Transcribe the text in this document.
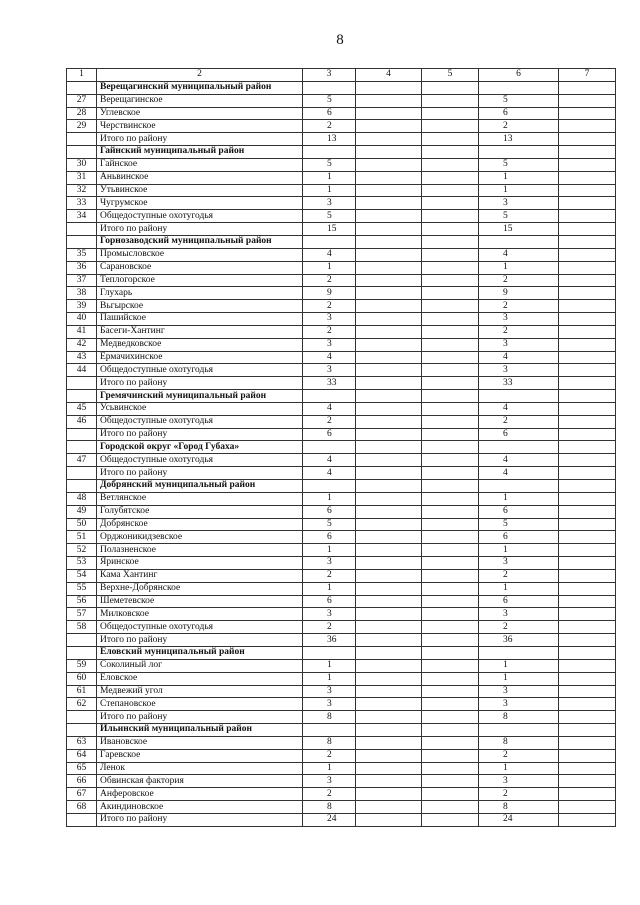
8
1	2	3	4	5	6	7
	Верещагинский муниципальный район					
27	Верещагинское	5			5	
28	Углевское	6			6	
29	Черствинское	2			2	
	Итого по району	13			13	
	Гайнский муниципальный район					
30	Гайнское	5			5	
31	Аньвинское	1			1	
32	Утьвинское	1			1	
33	Чугрумское	3			3	
34	Общедоступные охотугодья	5			5	
	Итого по району	15			15	
	Горнозаводский муниципальный район					
35	Промысловское	4			4	
36	Сарановское	1			1	
37	Теплогорское	2			2	
38	Глухарь	9			9	
39	Вьгырское	2			2	
40	Пашийское	3			3	
41	Басеги-Хантинг	2			2	
42	Медведковское	3			3	
43	Ермачихинское	4			4	
44	Общедоступные охотугодья	3			3	
	Итого по району	33			33	
	Гремячинский муниципальный район					
45	Усьвинское	4			4	
46	Общедоступные охотугодья	2			2	
	Итого по району	6			6	
	Городской округ «Город Губаха»					
47	Общедоступные охотугодья	4			4	
	Итого по району	4			4	
	Добрянский муниципальный район					
48	Ветлянское	1			1	
49	Голубятское	6			6	
50	Добрянское	5			5	
51	Орджоникидзевское	6			6	
52	Полазненское	1			1	
53	Яринское	3			3	
54	Кама Хантинг	2			2	
55	Верхне-Добрянское	1			1	
56	Шеметевское	6			6	
57	Милковское	3			3	
58	Общедоступные охотугодья	2			2	
	Итого по району	36			36	
	Еловский муниципальный район					
59	Соколиный лог	1			1	
60	Еловское	1			1	
61	Медвежий угол	3			3	
62	Степановское	3			3	
	Итого по району	8			8	
	Ильинский муниципальный район					
63	Ивановское	8			8	
64	Гаревское	2			2	
65	Ленок	1			1	
66	Обвинская фактория	3			3	
67	Анферовское	2			2	
68	Акиндиновское	8			8	
	Итого по району	24			24	
